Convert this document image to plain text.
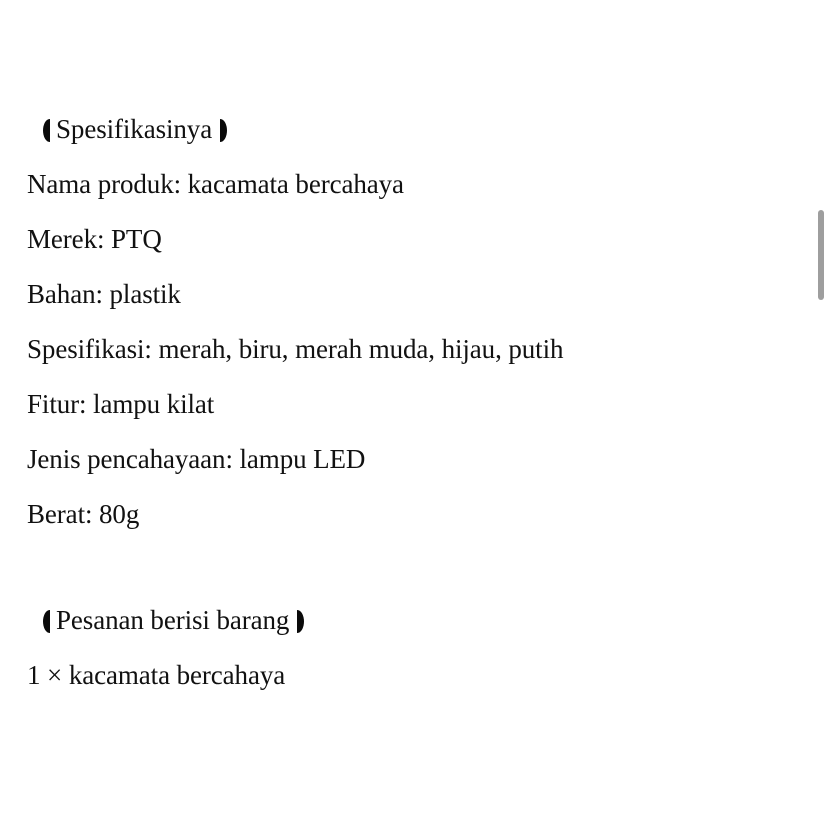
Spesifikasinya
Nama produk: kacamata bercahaya
Merek: PTQ
Bahan: plastik
Spesifikasi: merah, biru, merah muda, hijau, putih
Fitur: lampu kilat
Jenis pencahayaan: lampu LED
Berat: 80g
Pesanan berisi barang
1 × kacamata bercahaya
